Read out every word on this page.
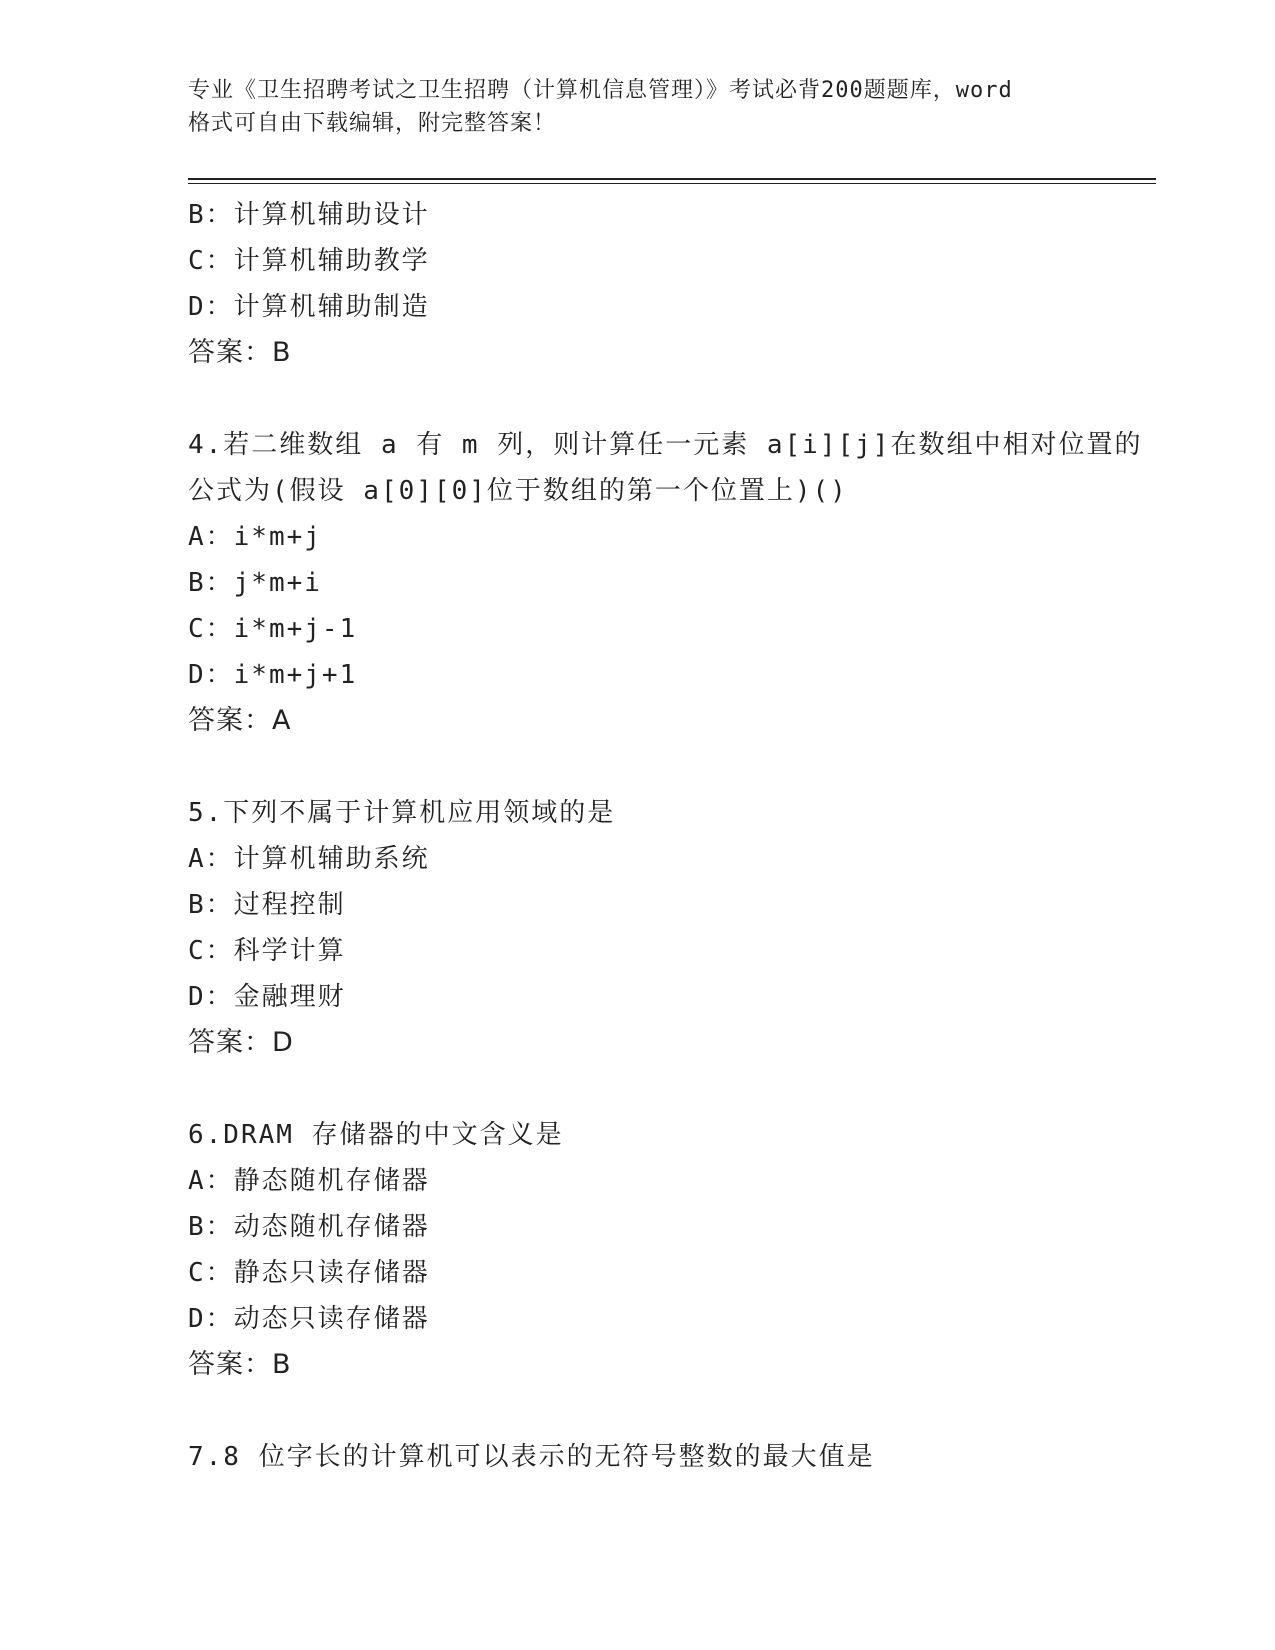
专业《卫生招聘考试之卫生招聘（计算机信息管理）》考试必背200题题库，word
格式可自由下载编辑，附完整答案！
B：计算机辅助设计
C：计算机辅助教学
D：计算机辅助制造
答案：B
4.若二维数组 a 有 m 列，则计算任一元素 a[i][j]在数组中相对位置的
公式为(假设 a[0][0]位于数组的第一个位置上)()
A：i*m+j
B：j*m+i
C：i*m+j-1
D：i*m+j+1
答案：A
5.下列不属于计算机应用领域的是
A：计算机辅助系统
B：过程控制
C：科学计算
D：金融理财
答案：D
6.DRAM 存储器的中文含义是
A：静态随机存储器
B：动态随机存储器
C：静态只读存储器
D：动态只读存储器
答案：B
7.8 位字长的计算机可以表示的无符号整数的最大值是
